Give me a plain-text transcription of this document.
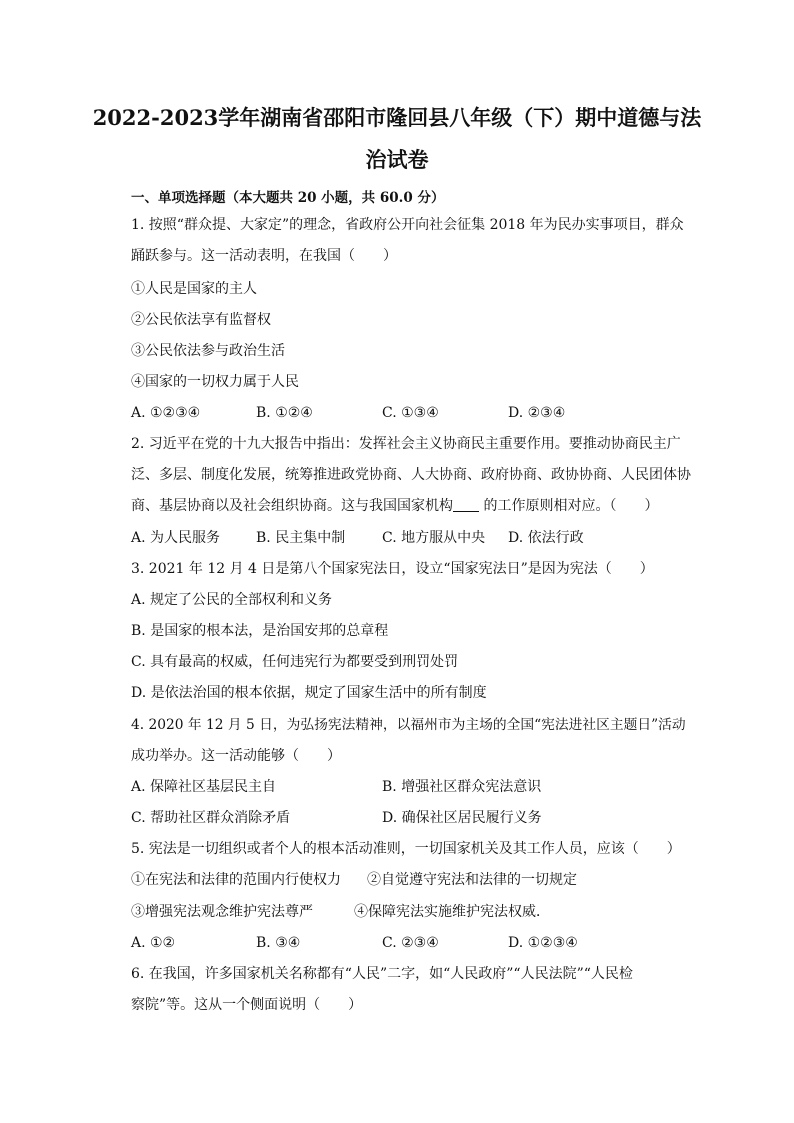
2022-2023学年湖南省邵阳市隆回县八年级（下）期中道德与法
治试卷
一、单项选择题（本大题共 20 小题，共 60.0 分）
1. 按照“群众提、大家定”的理念，省政府公开向社会征集 2018 年为民办实事项目，群众
踊跃参与。这一活动表明，在我国（　　）
①人民是国家的主人
②公民依法享有监督权
③公民依法参与政治生活
④国家的一切权力属于人民
A. ①②③④	B. ①②④	C. ①③④	D. ②③④
2. 习近平在党的十九大报告中指出：发挥社会主义协商民主重要作用。要推动协商民主广
泛、多层、制度化发展，统筹推进政党协商、人大协商、政府协商、政协协商、人民团体协
商、基层协商以及社会组织协商。这与我国国家机构 的工作原则相对应。（　　）
A. 为人民服务	B. 民主集中制	C. 地方服从中央 D. 依法行政
3. 2021 年 12 月 4 日是第八个国家宪法日，设立“国家宪法日”是因为宪法（　　）
A. 规定了公民的全部权利和义务
B. 是国家的根本法，是治国安邦的总章程
C. 具有最高的权威，任何违宪行为都要受到刑罚处罚
D. 是依法治国的根本依据，规定了国家生活中的所有制度
4. 2020 年 12 月 5 日，为弘扬宪法精神，以福州市为主场的全国“宪法进社区主题日”活动
成功举办。这一活动能够（　　）
A. 保障社区基层民主自	B. 增强社区群众宪法意识
C. 帮助社区群众消除矛盾	D. 确保社区居民履行义务
5. 宪法是一切组织或者个人的根本活动准则，一切国家机关及其工作人员，应该（　　）
①在宪法和法律的范围内行使权力 ②自觉遵守宪法和法律的一切规定
③增强宪法观念维护宪法尊严	④保障宪法实施维护宪法权威．
A. ①②	B. ③④	C. ②③④	D. ①②③④
6. 在我国，许多国家机关名称都有“人民”二字，如“人民政府”“人民法院”“人民检
察院”等。这从一个侧面说明（　　）
